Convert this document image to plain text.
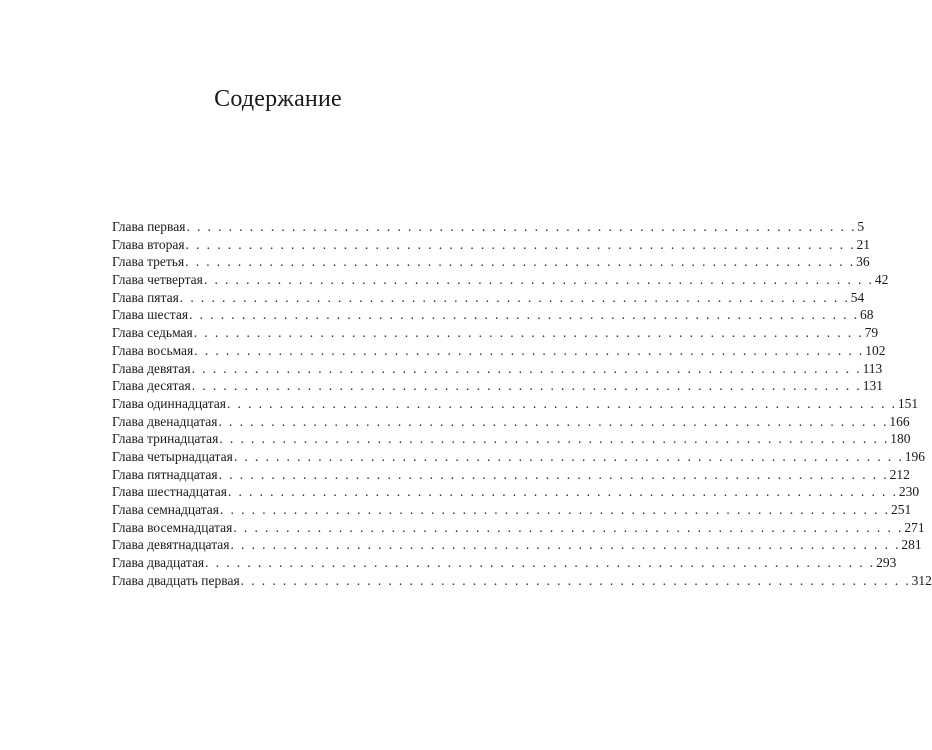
Содержание
Глава первая . . . . . . . . . . . . . . . . . . . . . . . . . . . . . . . . . . . . . . . . . . . . . . . . . . . . . . . . . . . . . . . . 5
Глава вторая . . . . . . . . . . . . . . . . . . . . . . . . . . . . . . . . . . . . . . . . . . . . . . . . . . . . . . . . . . . . . . . . 21
Глава третья . . . . . . . . . . . . . . . . . . . . . . . . . . . . . . . . . . . . . . . . . . . . . . . . . . . . . . . . . . . . . . . . 36
Глава четвертая . . . . . . . . . . . . . . . . . . . . . . . . . . . . . . . . . . . . . . . . . . . . . . . . . . . . . . . . . . . . . . . . 42
Глава пятая . . . . . . . . . . . . . . . . . . . . . . . . . . . . . . . . . . . . . . . . . . . . . . . . . . . . . . . . . . . . . . . . 54
Глава шестая . . . . . . . . . . . . . . . . . . . . . . . . . . . . . . . . . . . . . . . . . . . . . . . . . . . . . . . . . . . . . . . . 68
Глава седьмая . . . . . . . . . . . . . . . . . . . . . . . . . . . . . . . . . . . . . . . . . . . . . . . . . . . . . . . . . . . . . . . . 79
Глава восьмая . . . . . . . . . . . . . . . . . . . . . . . . . . . . . . . . . . . . . . . . . . . . . . . . . . . . . . . . . . . . . . . . 102
Глава девятая . . . . . . . . . . . . . . . . . . . . . . . . . . . . . . . . . . . . . . . . . . . . . . . . . . . . . . . . . . . . . . . . 113
Глава десятая . . . . . . . . . . . . . . . . . . . . . . . . . . . . . . . . . . . . . . . . . . . . . . . . . . . . . . . . . . . . . . . . 131
Глава одиннадцатая . . . . . . . . . . . . . . . . . . . . . . . . . . . . . . . . . . . . . . . . . . . . . . . . . . . . . . . . . . . . . . . . 151
Глава двенадцатая . . . . . . . . . . . . . . . . . . . . . . . . . . . . . . . . . . . . . . . . . . . . . . . . . . . . . . . . . . . . . . . . 166
Глава тринадцатая . . . . . . . . . . . . . . . . . . . . . . . . . . . . . . . . . . . . . . . . . . . . . . . . . . . . . . . . . . . . . . . . 180
Глава четырнадцатая . . . . . . . . . . . . . . . . . . . . . . . . . . . . . . . . . . . . . . . . . . . . . . . . . . . . . . . . . . . . . . . . 196
Глава пятнадцатая . . . . . . . . . . . . . . . . . . . . . . . . . . . . . . . . . . . . . . . . . . . . . . . . . . . . . . . . . . . . . . . . 212
Глава шестнадцатая . . . . . . . . . . . . . . . . . . . . . . . . . . . . . . . . . . . . . . . . . . . . . . . . . . . . . . . . . . . . . . . . 230
Глава семнадцатая . . . . . . . . . . . . . . . . . . . . . . . . . . . . . . . . . . . . . . . . . . . . . . . . . . . . . . . . . . . . . . . . 251
Глава восемнадцатая . . . . . . . . . . . . . . . . . . . . . . . . . . . . . . . . . . . . . . . . . . . . . . . . . . . . . . . . . . . . . . . . 271
Глава девятнадцатая . . . . . . . . . . . . . . . . . . . . . . . . . . . . . . . . . . . . . . . . . . . . . . . . . . . . . . . . . . . . . . . . 281
Глава двадцатая . . . . . . . . . . . . . . . . . . . . . . . . . . . . . . . . . . . . . . . . . . . . . . . . . . . . . . . . . . . . . . . . 293
Глава двадцать первая . . . . . . . . . . . . . . . . . . . . . . . . . . . . . . . . . . . . . . . . . . . . . . . . . . . . . . . . . . . . . . . . 312
